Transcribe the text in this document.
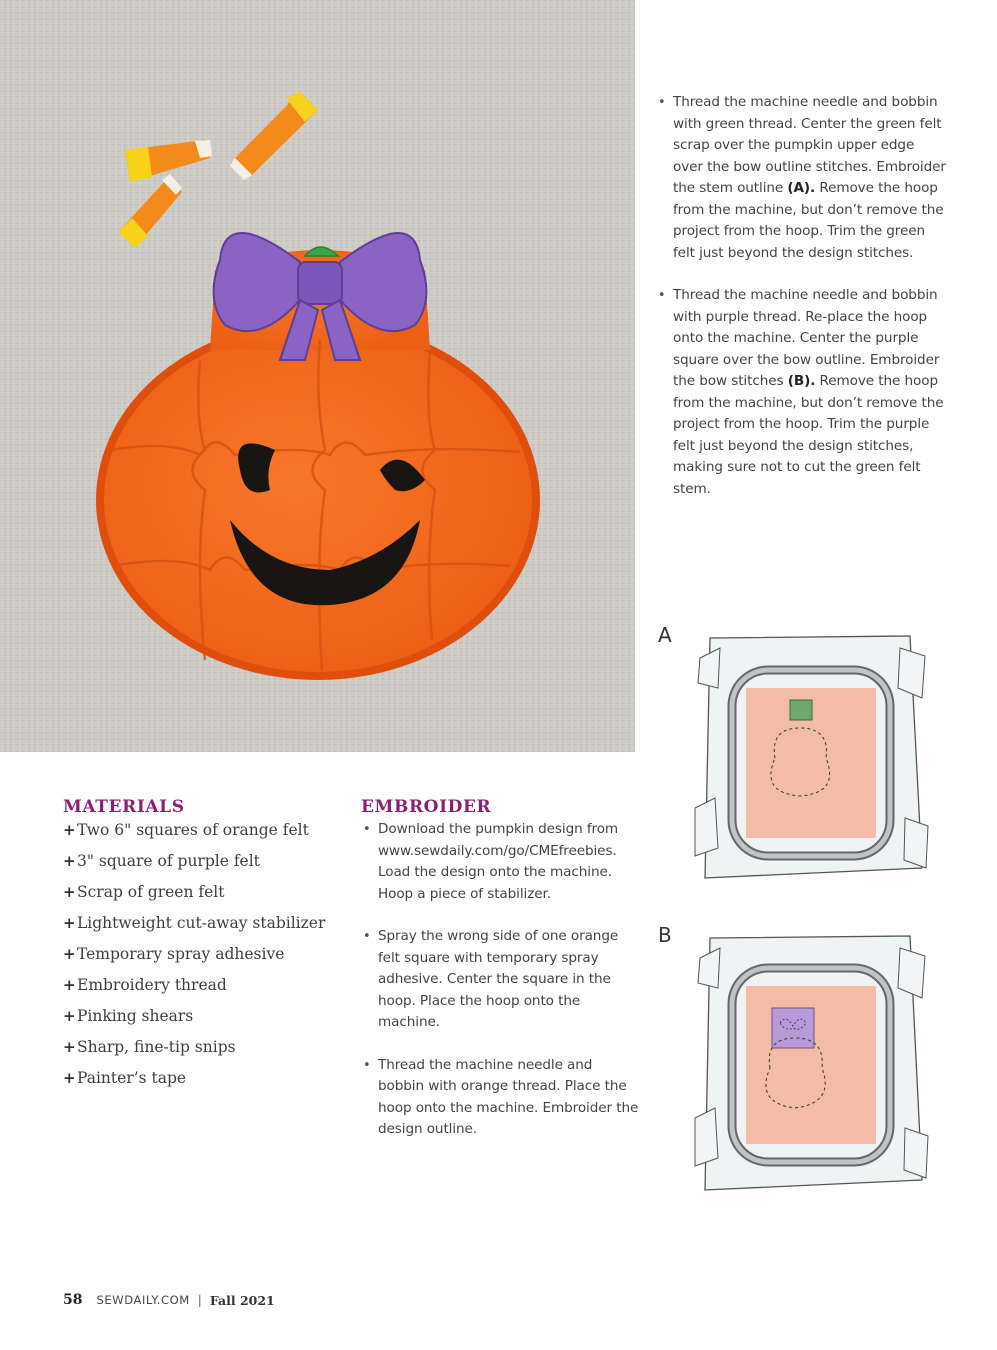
• Thread the machine needle and bobbin with green thread. Center the green felt scrap over the pumpkin upper edge over the bow outline stitches. Embroider the stem outline (A). Remove the hoop from the machine, but don’t remove the project from the hoop. Trim the green felt just beyond the design stitches.
• Thread the machine needle and bobbin with purple thread. Re-place the hoop onto the machine. Center the purple square over the bow outline. Embroider the bow stitches (B). Remove the hoop from the machine, but don’t remove the project from the hoop. Trim the purple felt just beyond the design stitches, making sure not to cut the green felt stem.
MATERIALS
+ Two 6" squares of orange felt
+ 3" square of purple felt
+ Scrap of green felt
+ Lightweight cut-away stabilizer
+ Temporary spray adhesive
+ Embroidery thread
+ Pinking shears
+ Sharp, fine-tip snips
+ Painter’s tape
EMBROIDER
• Download the pumpkin design from www.sewdaily.com/go/CMEfreebies. Load the design onto the machine. Hoop a piece of stabilizer.
• Spray the wrong side of one orange felt square with temporary spray adhesive. Center the square in the hoop. Place the hoop onto the machine.
• Thread the machine needle and bobbin with orange thread. Place the hoop onto the machine. Embroider the design outline.
A
B
58 SEWDAILY.COM | Fall 2021
